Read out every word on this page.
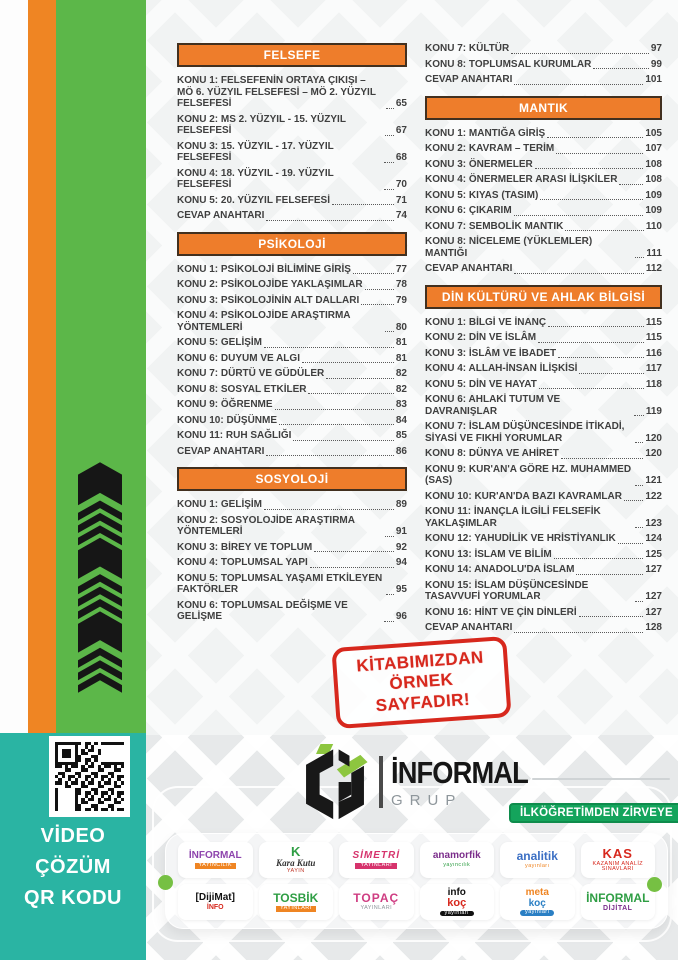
VİDEO
ÇÖZÜM
QR KODU
FELSEFE
KONU 1: FELSEFENİN ORTAYA ÇIKIŞI – MÖ 6. YÜZYIL FELSEFESİ – MÖ 2. YÜZYIL FELSEFESİ	65
KONU 2: MS 2. YÜZYIL - 15. YÜZYIL FELSEFESİ	67
KONU 3: 15. YÜZYIL - 17. YÜZYIL FELSEFESİ	68
KONU 4: 18. YÜZYIL - 19. YÜZYIL FELSEFESİ	70
KONU 5: 20. YÜZYIL FELSEFESİ	71
CEVAP ANAHTARI	74
PSİKOLOJİ
KONU 1: PSİKOLOJİ BİLİMİNE GİRİŞ	77
KONU 2: PSİKOLOJİDE YAKLAŞIMLAR	78
KONU 3: PSİKOLOJİNİN ALT DALLARI	79
KONU 4: PSİKOLOJİDE ARAŞTIRMA YÖNTEMLERİ	80
KONU 5: GELİŞİM	81
KONU 6: DUYUM VE ALGI	81
KONU 7: DÜRTÜ VE GÜDÜLER	82
KONU 8: SOSYAL ETKİLER	82
KONU 9: ÖĞRENME	83
KONU 10: DÜŞÜNME	84
KONU 11: RUH SAĞLIĞI	85
CEVAP ANAHTARI	86
SOSYOLOJİ
KONU 1: GELİŞİM	89
KONU 2: SOSYOLOJİDE ARAŞTIRMA YÖNTEMLERİ	91
KONU 3: BİREY VE TOPLUM	92
KONU 4: TOPLUMSAL YAPI	94
KONU 5: TOPLUMSAL YAŞAMI ETKİLEYEN FAKTÖRLER	95
KONU 6: TOPLUMSAL DEĞİŞME VE GELİŞME	96
KONU 7: KÜLTÜR	97
KONU 8: TOPLUMSAL KURUMLAR	99
CEVAP ANAHTARI	101
MANTIK
KONU 1: MANTIĞA GİRİŞ	105
KONU 2: KAVRAM – TERİM	107
KONU 3: ÖNERMELER	108
KONU 4: ÖNERMELER ARASI İLİŞKİLER	108
KONU 5: KIYAS (TASIM)	109
KONU 6: ÇIKARIM	109
KONU 7: SEMBOLİK MANTIK	110
KONU 8: NİCELEME (YÜKLEMLER) MANTIĞI	111
CEVAP ANAHTARI	112
DİN KÜLTÜRÜ VE AHLAK BİLGİSİ
KONU 1: BİLGİ VE İNANÇ	115
KONU 2: DİN VE İSLÂM	115
KONU 3: İSLÂM VE İBADET	116
KONU 4: ALLAH-İNSAN İLİŞKİSİ	117
KONU 5: DİN VE HAYAT	118
KONU 6: AHLAKİ TUTUM VE DAVRANIŞLAR	119
KONU 7: İSLAM DÜŞÜNCESİNDE İTİKADİ, SİYASİ VE FIKHİ YORUMLAR	120
KONU 8: DÜNYA VE AHİRET	120
KONU 9: KUR'AN'A GÖRE HZ. MUHAMMED (SAS)	121
KONU 10: KUR'AN'DA BAZI KAVRAMLAR 122
KONU 11: İNANÇLA İLGİLİ FELSEFİK YAKLAŞIMLAR	123
KONU 12: YAHUDİLİK VE HRİSTİYANLIK	124
KONU 13: İSLAM VE BİLİM	125
KONU 14: ANADOLU'DA İSLAM	127
KONU 15: İSLAM DÜŞÜNCESİNDE TASAVVUFİ YORUMLAR	127
KONU 16: HİNT VE ÇİN DİNLERİ	127
CEVAP ANAHTARI	128
KİTABIMIZDAN
ÖRNEK SAYFADIR!
İNFORMAL
GRUP
İLKÖĞRETİMDEN ZİRVEYE
İNFORMAL
YAYINCILIK
K
Kara Kutu
YAYIN
SİMETRİ
YAYINLARI
anamorfik
yayıncılık
analitik
yayınları
KAS
KAZANIM ANALİZ SINAVLARI
[DijiMat]
İNFO
TOSBİK
YAYINLARI
TOPAÇ
YAYINLARI
info
koç
yayınları
meta
koç
yayınları
İNFORMAL
DİJİTAL
